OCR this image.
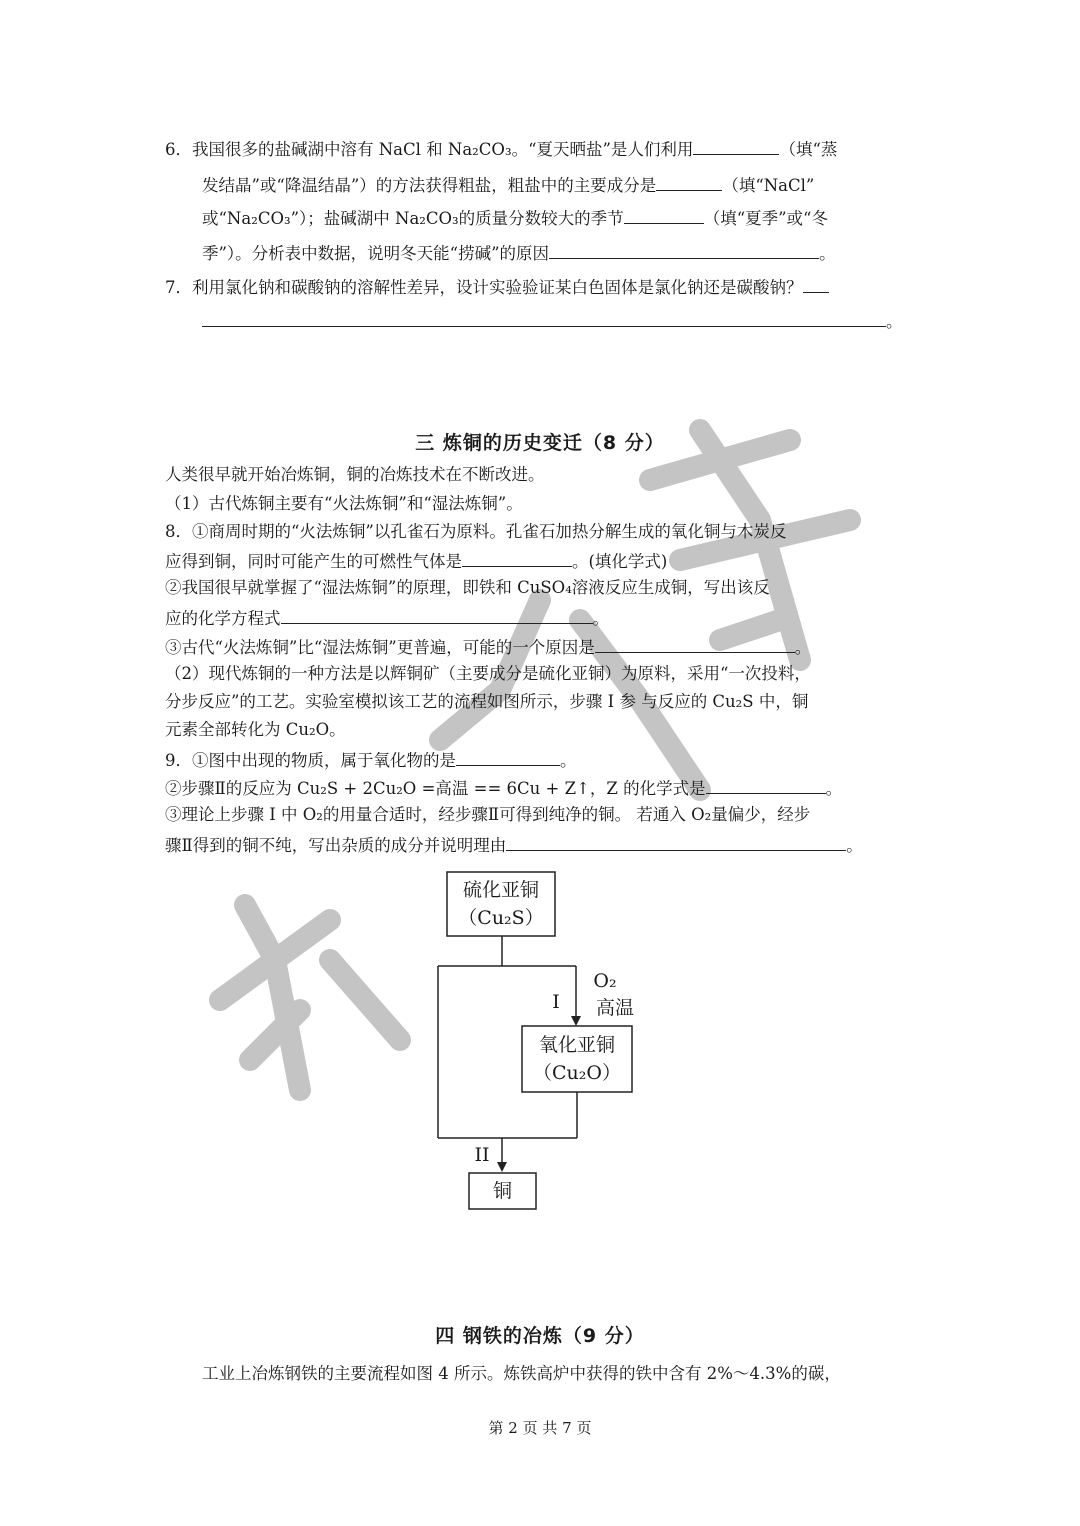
6．我国很多的盐碱湖中溶有 NaCl 和 Na₂CO₃。“夏天晒盐”是人们利用	（填“蒸
发结晶”或“降温结晶”）的方法获得粗盐，粗盐中的主要成分是	（填“NaCl”
或“Na₂CO₃”）；盐碱湖中 Na₂CO₃的质量分数较大的季节	（填“夏季”或“冬
季”）。分析表中数据，说明冬天能“捞碱”的原因	。
7．利用氯化钠和碳酸钠的溶解性差异，设计实验验证某白色固体是氯化钠还是碳酸钠？
。
三 炼铜的历史变迁（8 分）
人类很早就开始冶炼铜，铜的冶炼技术在不断改进。
（1）古代炼铜主要有“火法炼铜”和“湿法炼铜”。
8．①商周时期的“火法炼铜”以孔雀石为原料。孔雀石加热分解生成的氧化铜与木炭反
应得到铜，同时可能产生的可燃性气体是	。(填化学式)
②我国很早就掌握了“湿法炼铜”的原理，即铁和 CuSO₄溶液反应生成铜，写出该反
应的化学方程式	。
③古代“火法炼铜”比“湿法炼铜”更普遍，可能的一个原因是	。
（2）现代炼铜的一种方法是以辉铜矿（主要成分是硫化亚铜）为原料，采用“一次投料，
分步反应”的工艺。实验室模拟该工艺的流程如图所示，步骤 I 参 与反应的 Cu₂S 中，铜
元素全部转化为 Cu₂O。
9．①图中出现的物质，属于氧化物的是	。
②步骤Ⅱ的反应为 Cu₂S + 2Cu₂O =高温 == 6Cu + Z↑，Z 的化学式是	。
③理论上步骤 I 中 O₂的用量合适时，经步骤Ⅱ可得到纯净的铜。 若通入 O₂量偏少，经步
骤Ⅱ得到的铜不纯，写出杂质的成分并说明理由	。
硫化亚铜
（Cu₂S）
I
O₂
高温
氧化亚铜
（Cu₂O）
II
铜
四 钢铁的冶炼（9 分）
工业上冶炼钢铁的主要流程如图 4 所示。炼铁高炉中获得的铁中含有 2%～4.3%的碳，
第 2 页 共 7 页
